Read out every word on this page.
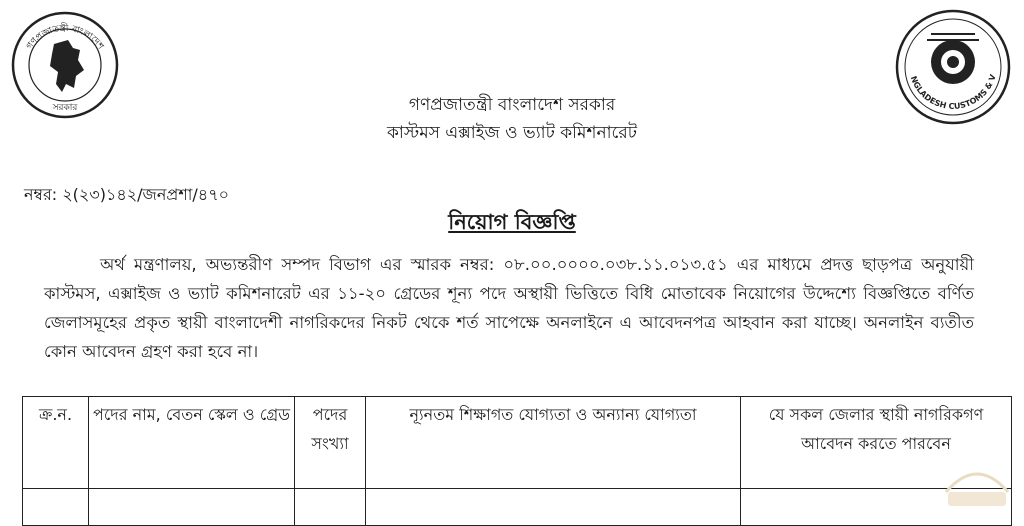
গণপ্রজাতন্ত্রী বাংলাদেশ
সরকার
NGLADESH CUSTOMS & V
গণপ্রজাতন্ত্রী বাংলাদেশ সরকার
কাস্টমস এক্সাইজ ও ভ্যাট কমিশনারেট
নম্বর: ২(২৩)১৪২/জনপ্রশা/৪৭০
নিয়োগ বিজ্ঞপ্তি
অর্থ মন্ত্রণালয়, অভ্যন্তরীণ সম্পদ বিভাগ এর স্মারক নম্বর: ০৮.০০.০০০০.০৩৮.১১.০১৩.৫১ এর মাধ্যমে প্রদত্ত ছাড়পত্র অনুযায়ী কাস্টমস, এক্সাইজ ও ভ্যাট কমিশনারেট এর ১১-২০ গ্রেডের শূন্য পদে অস্থায়ী ভিত্তিতে বিধি মোতাবেক নিয়োগের উদ্দেশ্যে বিজ্ঞপ্তিতে বর্ণিত জেলাসমূহের প্রকৃত স্থায়ী বাংলাদেশী নাগরিকদের নিকট থেকে শর্ত সাপেক্ষে অনলাইনে এ আবেদনপত্র আহবান করা যাচ্ছে। অনলাইন ব্যতীত কোন আবেদন গ্রহণ করা হবে না।
ক্র.ন.	পদের নাম, বেতন স্কেল ও গ্রেড	পদের সংখ্যা	ন্যূনতম শিক্ষাগত যোগ্যতা ও অন্যান্য যোগ্যতা	যে সকল জেলার স্থায়ী নাগরিকগণ আবেদন করতে পারবেন
